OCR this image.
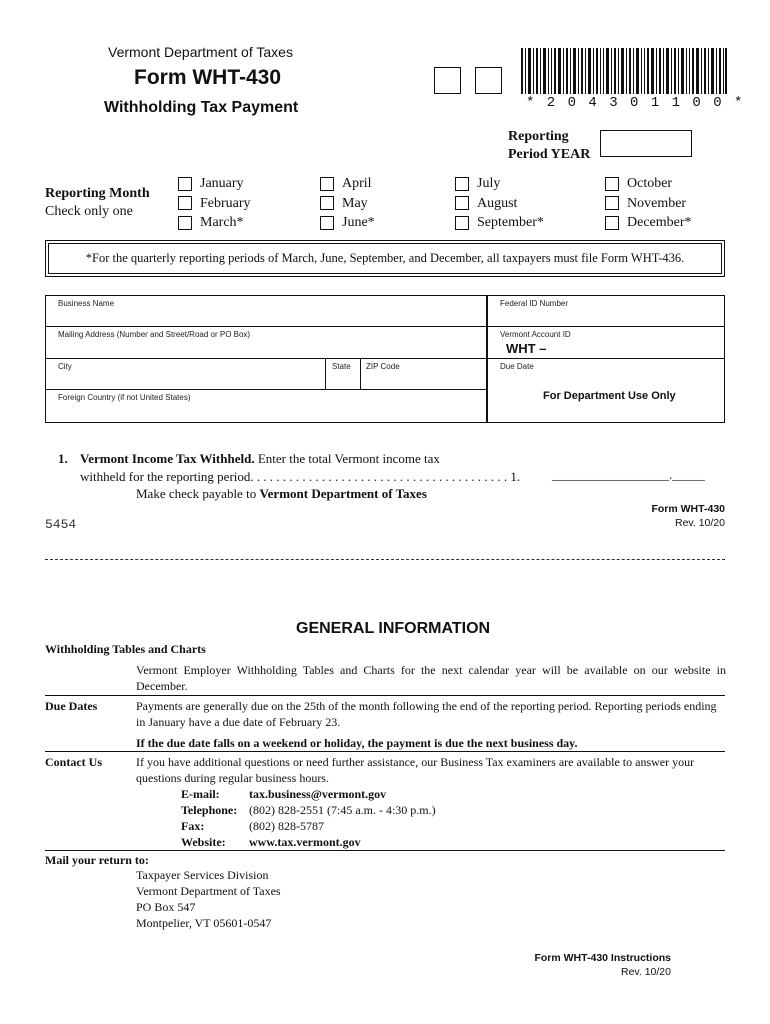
Vermont Department of Taxes
Form WHT-430
Withholding Tax Payment	* 2 0 4 3 0 1 1 0 0 *
Reporting
Period YEAR
Reporting Month
Check only one
January
February
March*
April
May
June*
July
August
September*
October
November
December*
*For the quarterly reporting periods of March, June, September, and December, all taxpayers must file Form WHT-436.
Business Name	Federal ID Number
Mailing Address (Number and Street/Road or PO Box)	Vermont Account ID
WHT –
City	State ZIP Code	Due Date
Foreign Country (if not United States)	For Department Use Only
1. Vermont Income Tax Withheld. Enter the total Vermont income tax
withheld for the reporting period. . . . . . . . . . . . . . . . . . . . . . . . . . . . . . . . . . . . . . . . 1. __________________._____
Make check payable to Vermont Department of Taxes
Form WHT-430
Rev. 10/20
5454
GENERAL INFORMATION
Withholding Tables and Charts
Vermont Employer Withholding Tables and Charts for the next calendar year will be available on our website in December.
Due Dates	Payments are generally due on the 25th of the month following the end of the reporting period. Reporting periods ending in January have a due date of February 23.
If the due date falls on a weekend or holiday, the payment is due the next business day.
Contact Us	If you have additional questions or need further assistance, our Business Tax examiners are available to answer your questions during regular business hours.
E-mail: tax.business@vermont.gov
Telephone: (802) 828-2551 (7:45 a.m. - 4:30 p.m.)
Fax:	(802) 828-5787
Website: www.tax.vermont.gov
Mail your return to:
Taxpayer Services Division
Vermont Department of Taxes
PO Box 547
Montpelier, VT 05601-0547
Form WHT-430 Instructions
Rev. 10/20
